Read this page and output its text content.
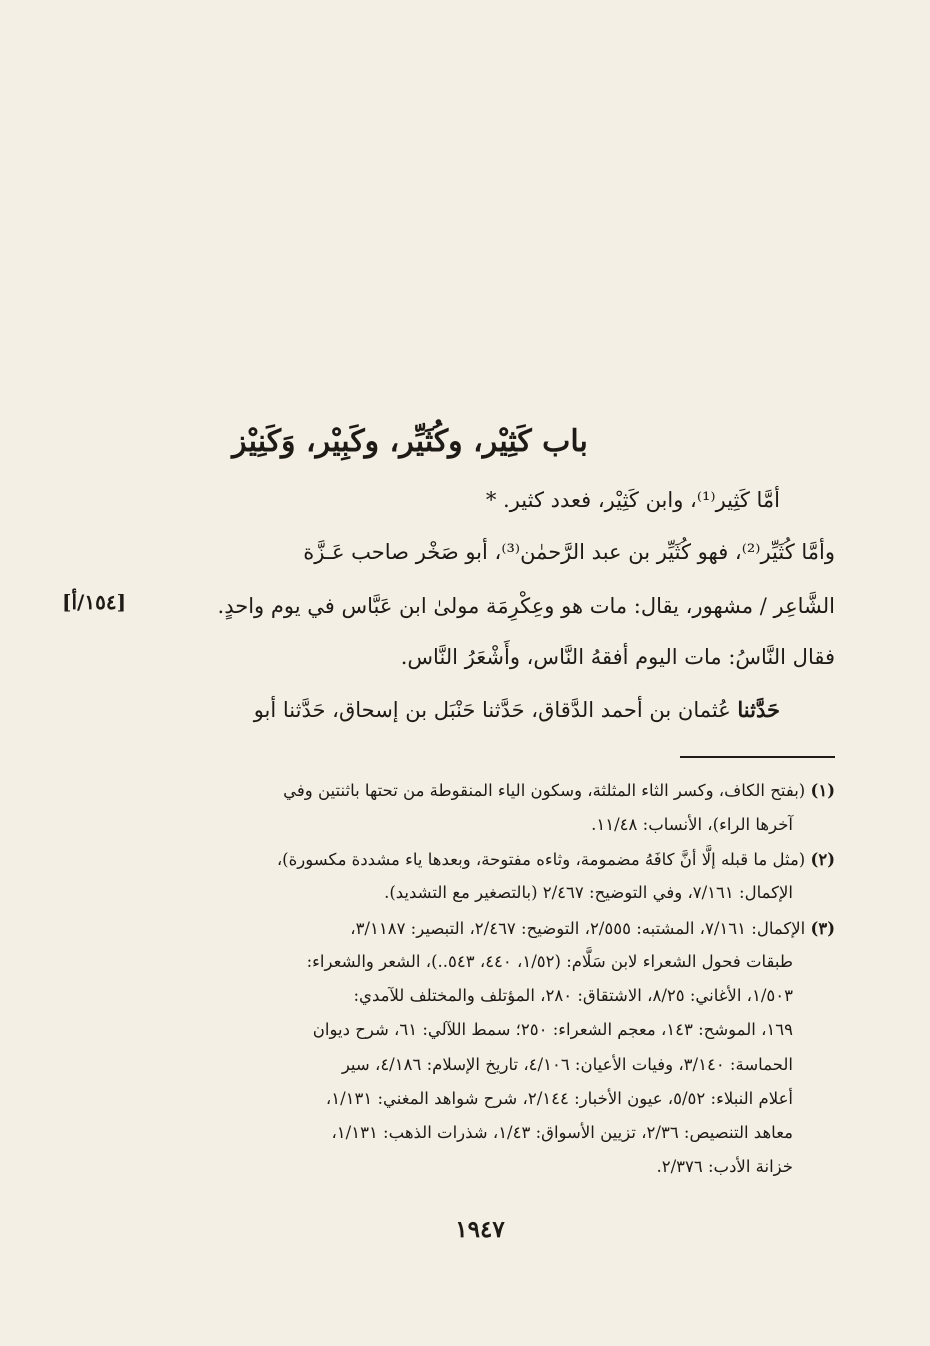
باب كَثِيْر، وكُثَيِّر، وكَبِيْر، وَكَنِيْز
أمَّا كَثِير⁽¹⁾، وابن كَثِيْر، فعدد كثير. *
وأمَّا كُثَيِّر⁽²⁾، فهو كُثَيِّر بن عبد الرَّحمٰن⁽³⁾، أبو صَخْر صاحب عَـزَّة
الشَّاعِر / مشهور، يقال: مات هو وعِكْرِمَة مولىٰ ابن عَبَّاس في يوم واحدٍ.
[١٥٤/أ]
فقال النَّاسُ: مات اليوم أفقهُ النَّاس، وأَشْعَرُ النَّاس.
حَدَّثنا عُثمان بن أحمد الدَّقاق، حَدَّثنا حَنْبَل بن إسحاق، حَدَّثنا أبو
(١) (بفتح الكاف، وكسر الثاء المثلثة، وسكون الياء المنقوطة من تحتها باثنتين وفي
آخرها الراء)، الأنساب: ١١/٤٨.
(٢) (مثل ما قبله إلَّا أنَّ كافَهُ مضمومة، وثاءه مفتوحة، وبعدها ياء مشددة مكسورة)،
الإكمال: ٧/١٦١، وفي التوضيح: ٢/٤٦٧ (بالتصغير مع التشديد).
(٣) الإكمال: ٧/١٦١، المشتبه: ٢/٥٥٥، التوضيح: ٢/٤٦٧، التبصير: ٣/١١٨٧،
طبقات فحول الشعراء لابن سَلَّام: (١/٥٢، ٤٤٠، ٥٤٣..)، الشعر والشعراء:
١/٥٠٣، الأغاني: ٨/٢٥، الاشتقاق: ٢٨٠، المؤتلف والمختلف للآمدي:
١٦٩، الموشح: ١٤٣، معجم الشعراء: ٢٥٠؛ سمط اللآلي: ٦١، شرح ديوان
الحماسة: ٣/١٤٠، وفيات الأعيان: ٤/١٠٦، تاريخ الإسلام: ٤/١٨٦، سير
أعلام النبلاء: ٥/٥٢، عيون الأخبار: ٢/١٤٤، شرح شواهد المغني: ١/١٣١،
معاهد التنصيص: ٢/٣٦، تزيين الأسواق: ١/٤٣، شذرات الذهب: ١/١٣١،
خزانة الأدب: ٢/٣٧٦.
١٩٤٧
